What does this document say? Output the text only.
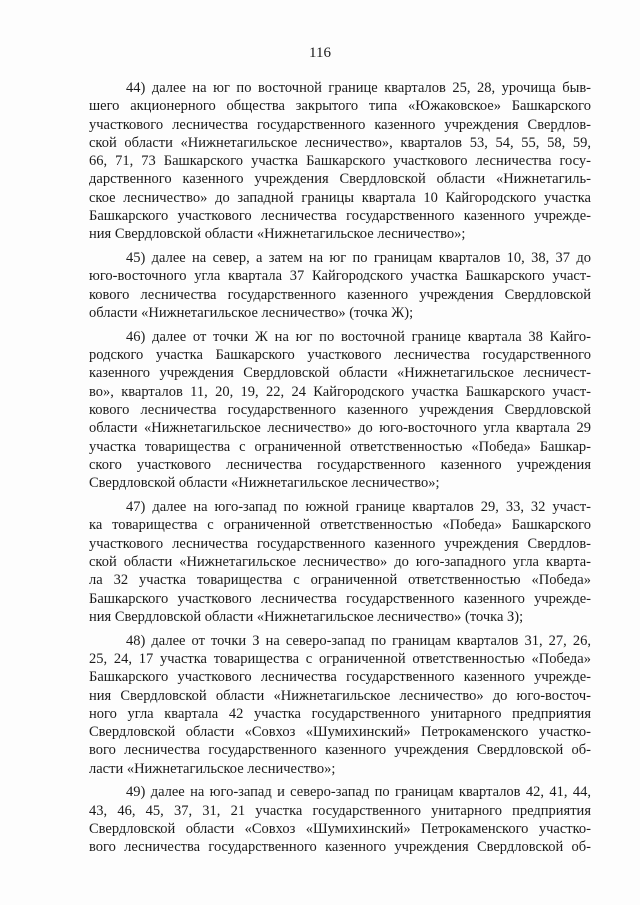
116
44) далее на юг по восточной границе кварталов 25, 28, урочища быв-
шего акционерного общества закрытого типа «Южаковское» Башкарского
участкового лесничества государственного казенного учреждения Свердлов-
ской области «Нижнетагильское лесничество», кварталов 53, 54, 55, 58, 59,
66, 71, 73 Башкарского участка Башкарского участкового лесничества госу-
дарственного казенного учреждения Свердловской области «Нижнетагиль-
ское лесничество» до западной границы квартала 10 Кайгородского участка
Башкарского участкового лесничества государственного казенного учрежде-
ния Свердловской области «Нижнетагильское лесничество»;
45) далее на север, а затем на юг по границам кварталов 10, 38, 37 до
юго-восточного угла квартала 37 Кайгородского участка Башкарского участ-
кового лесничества государственного казенного учреждения Свердловской
области «Нижнетагильское лесничество» (точка Ж);
46) далее от точки Ж на юг по восточной границе квартала 38 Кайго-
родского участка Башкарского участкового лесничества государственного
казенного учреждения Свердловской области «Нижнетагильское лесничест-
во», кварталов 11, 20, 19, 22, 24 Кайгородского участка Башкарского участ-
кового лесничества государственного казенного учреждения Свердловской
области «Нижнетагильское лесничество» до юго-восточного угла квартала 29
участка товарищества с ограниченной ответственностью «Победа» Башкар-
ского участкового лесничества государственного казенного учреждения
Свердловской области «Нижнетагильское лесничество»;
47) далее на юго-запад по южной границе кварталов 29, 33, 32 участ-
ка товарищества с ограниченной ответственностью «Победа» Башкарского
участкового лесничества государственного казенного учреждения Свердлов-
ской области «Нижнетагильское лесничество» до юго-западного угла кварта-
ла 32 участка товарищества с ограниченной ответственностью «Победа»
Башкарского участкового лесничества государственного казенного учрежде-
ния Свердловской области «Нижнетагильское лесничество» (точка З);
48) далее от точки З на северо-запад по границам кварталов 31, 27, 26,
25, 24, 17 участка товарищества с ограниченной ответственностью «Победа»
Башкарского участкового лесничества государственного казенного учрежде-
ния Свердловской области «Нижнетагильское лесничество» до юго-восточ-
ного угла квартала 42 участка государственного унитарного предприятия
Свердловской области «Совхоз «Шумихинский» Петрокаменского участко-
вого лесничества государственного казенного учреждения Свердловской об-
ласти «Нижнетагильское лесничество»;
49) далее на юго-запад и северо-запад по границам кварталов 42, 41, 44,
43, 46, 45, 37, 31, 21 участка государственного унитарного предприятия
Свердловской области «Совхоз «Шумихинский» Петрокаменского участко-
вого лесничества государственного казенного учреждения Свердловской об-
